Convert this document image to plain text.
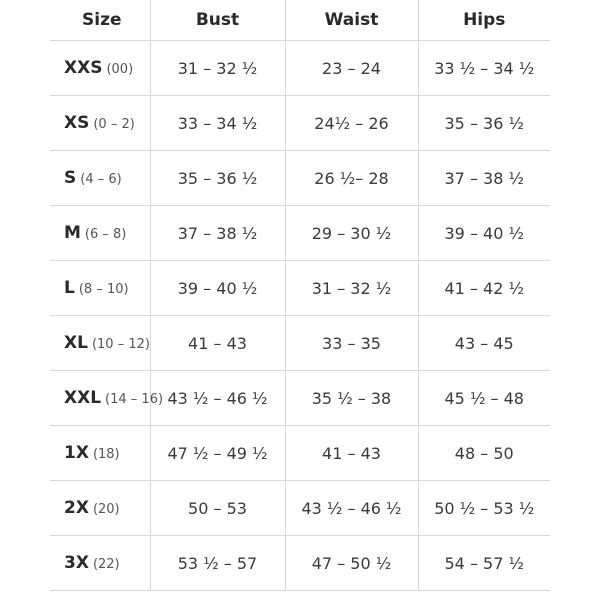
Size	Bust	Waist	Hips
XXS (00)	31 – 32 ½	23 – 24	33 ½ – 34 ½
XS (0 – 2)	33 – 34 ½	24½ – 26	35 – 36 ½
S (4 – 6)	35 – 36 ½	26 ½– 28	37 – 38 ½
M (6 – 8)	37 – 38 ½	29 – 30 ½	39 – 40 ½
L (8 – 10)	39 – 40 ½	31 – 32 ½	41 – 42 ½
XL (10 – 12)	41 – 43	33 – 35	43 – 45
XXL (14 – 16)	43 ½ – 46 ½	35 ½ – 38	45 ½ – 48
1X (18)	47 ½ – 49 ½	41 – 43	48 – 50
2X (20)	50 – 53	43 ½ – 46 ½	50 ½ – 53 ½
3X (22)	53 ½ – 57	47 – 50 ½	54 – 57 ½
